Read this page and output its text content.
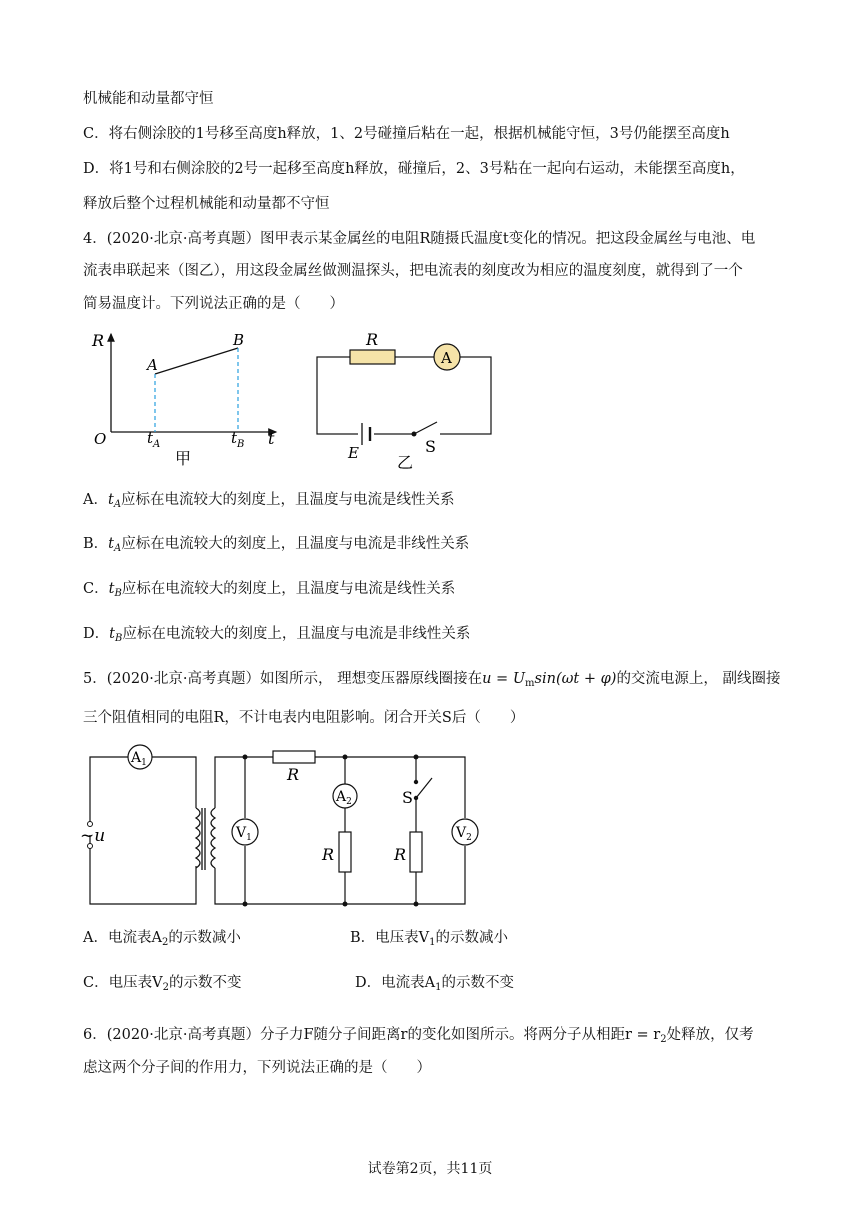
机械能和动量都守恒
C．将右侧涂胶的1号移至高度h释放，1、2号碰撞后粘在一起，根据机械能守恒，3号仍能摆至高度h
D．将1号和右侧涂胶的2号一起移至高度h释放，碰撞后，2、3号粘在一起向右运动，未能摆至高度h，
释放后整个过程机械能和动量都不守恒
4．(2020·北京·高考真题）图甲表示某金属丝的电阻R随摄氏温度t变化的情况。把这段金属丝与电池、电
流表串联起来（图乙），用这段金属丝做测温探头，把电流表的刻度改为相应的温度刻度，就得到了一个
简易温度计。下列说法正确的是（　　）
R
A
B
O	t
$t_A$	$t_B$
甲
A
R
E	S
乙
A．$t_A$应标在电流较大的刻度上，且温度与电流是线性关系
B．$t_A$应标在电流较大的刻度上，且温度与电流是非线性关系
C．$t_B$应标在电流较大的刻度上，且温度与电流是线性关系
D．$t_B$应标在电流较大的刻度上，且温度与电流是非线性关系
5．(2020·北京·高考真题）如图所示， 理想变压器原线圈接在$u = U_m\sin(\omega t + \varphi)$的交流电源上， 副线圈接
三个阻值相同的电阻R，不计电表内电阻影响。闭合开关S后（　　）
$A_1$
~u	$V_1$
R
$A_2$
R
S
R
$V_2$
A．电流表$A_2$的示数减小	B．电压表$V_1$的示数减小
C．电压表$V_2$的示数不变	D．电流表$A_1$的示数不变
6．(2020·北京·高考真题）分子力F随分子间距离r的变化如图所示。将两分子从相距$r = r_2$处释放，仅考
虑这两个分子间的作用力，下列说法正确的是（　　）
试卷第2页，共11页
